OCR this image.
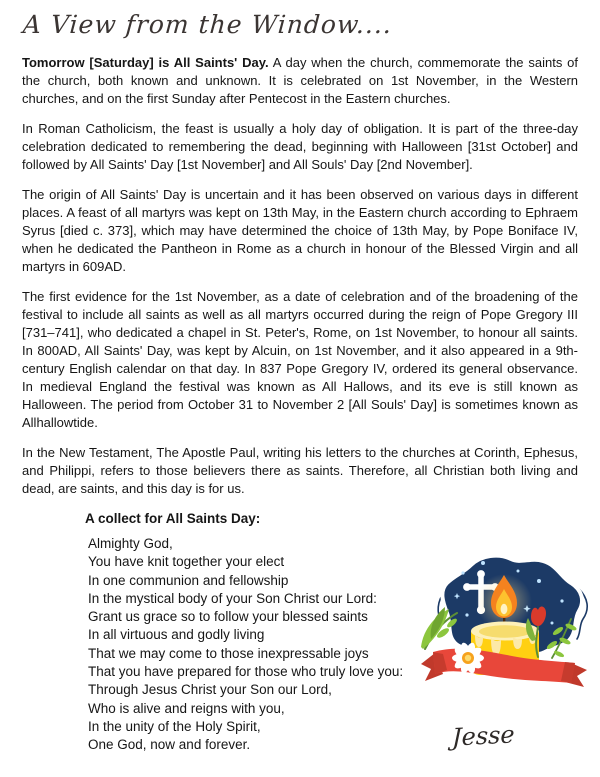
A View from the Window....

Tomorrow [Saturday] is All Saints' Day. A day when the church, commemorate the saints of the church, both known and unknown. It is celebrated on 1st November, in the Western churches, and on the first Sunday after Pentecost in the Eastern churches.

In Roman Catholicism, the feast is usually a holy day of obligation. It is part of the three-day celebration dedicated to remembering the dead, beginning with Halloween [31st October] and followed by All Saints' Day [1st November] and All Souls' Day [2nd November].

The origin of All Saints' Day is uncertain and it has been observed on various days in different places. A feast of all martyrs was kept on 13th May, in the Eastern church according to Ephraem Syrus [died c. 373], which may have determined the choice of 13th May, by Pope Boniface IV, when he dedicated the Pantheon in Rome as a church in honour of the Blessed Virgin and all martyrs in 609AD.

The first evidence for the 1st November, as a date of celebration and of the broadening of the festival to include all saints as well as all martyrs occurred during the reign of Pope Gregory III [731–741], who dedicated a chapel in St. Peter's, Rome, on 1st November, to honour all saints. In 800AD, All Saints' Day, was kept by Alcuin, on 1st November, and it also appeared in a 9th-century English calendar on that day. In 837 Pope Gregory IV, ordered its general observance. In medieval England the festival was known as All Hallows, and its eve is still known as Halloween. The period from October 31 to November 2 [All Souls' Day] is sometimes known as Allhallowtide.

In the New Testament, The Apostle Paul, writing his letters to the churches at Corinth, Ephesus, and Philippi, refers to those believers there as saints. Therefore, all Christian both living and dead, are saints, and this day is for us.

A collect for All Saints Day:
Almighty God,
You have knit together your elect
In one communion and fellowship
In the mystical body of your Son Christ our Lord:
Grant us grace so to follow your blessed saints
In all virtuous and godly living
That we may come to those inexpressable joys
That you have prepared for those who truly love you:
Through Jesus Christ your Son our Lord,
Who is alive and reigns with you,
In the unity of the Holy Spirit,
One God, now and forever.	Jesse
